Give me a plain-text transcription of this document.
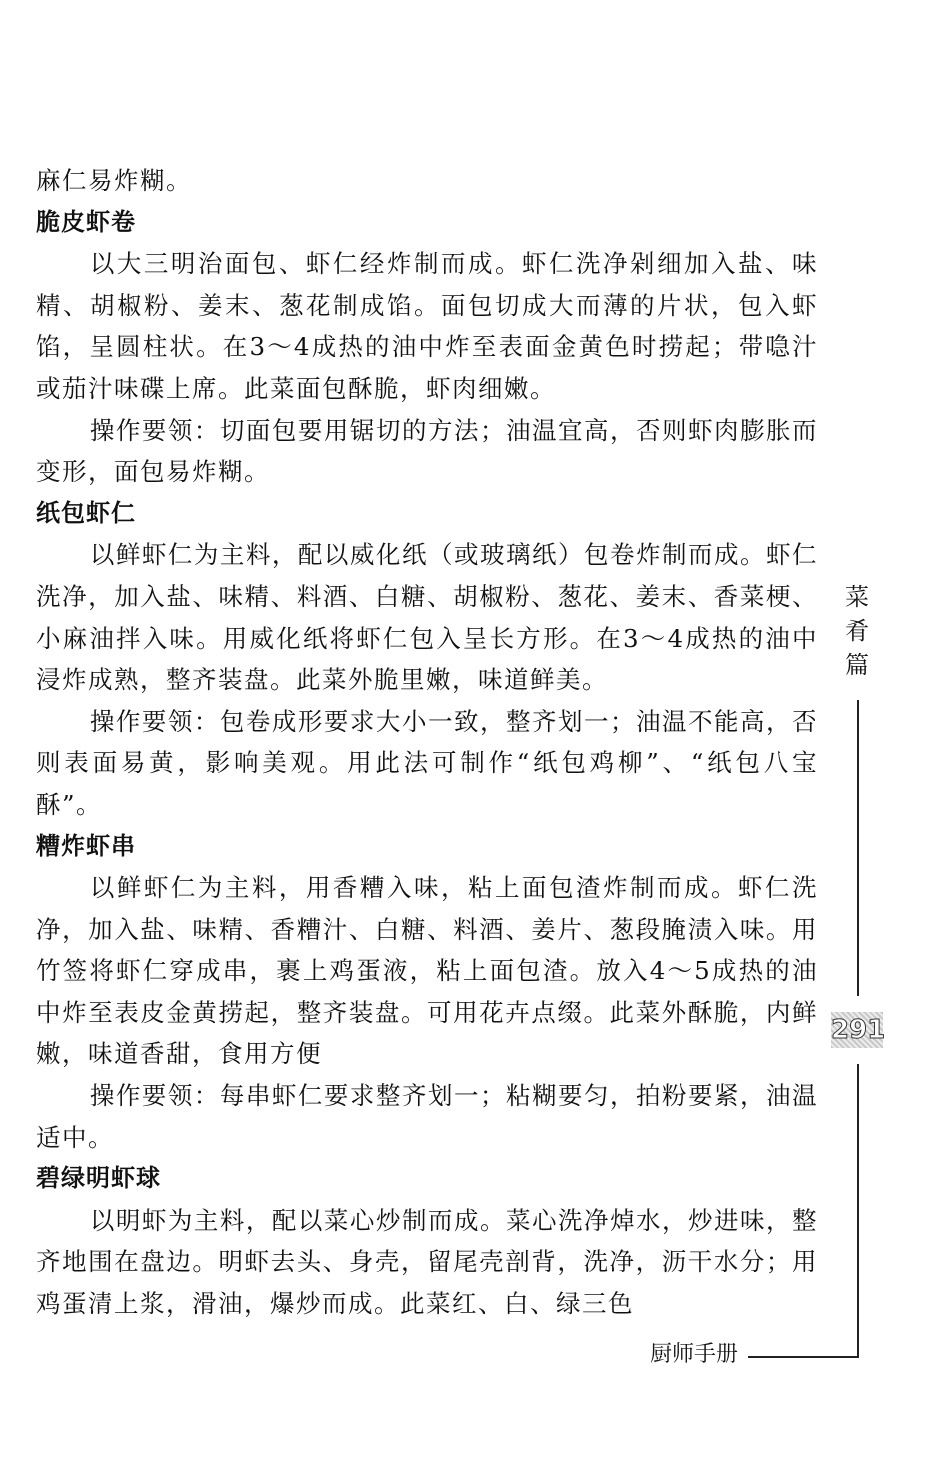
麻仁易炸糊。

脆皮虾卷

以大三明治面包、虾仁经炸制而成。虾仁洗净剁细加入盐、味精、胡椒粉、姜末、葱花制成馅。面包切成大而薄的片状，包入虾馅，呈圆柱状。在3～4成热的油中炸至表面金黄色时捞起；带喼汁或茄汁味碟上席。此菜面包酥脆，虾肉细嫩。

操作要领：切面包要用锯切的方法；油温宜高，否则虾肉膨胀而变形，面包易炸糊。

纸包虾仁

以鲜虾仁为主料，配以威化纸（或玻璃纸）包卷炸制而成。虾仁洗净，加入盐、味精、料酒、白糖、胡椒粉、葱花、姜末、香菜梗、小麻油拌入味。用威化纸将虾仁包入呈长方形。在3～4成热的油中浸炸成熟，整齐装盘。此菜外脆里嫩，味道鲜美。

操作要领：包卷成形要求大小一致，整齐划一；油温不能高，否则表面易黄，影响美观。用此法可制作“纸包鸡柳”、“纸包八宝酥”。

糟炸虾串

以鲜虾仁为主料，用香糟入味，粘上面包渣炸制而成。虾仁洗净，加入盐、味精、香糟汁、白糖、料酒、姜片、葱段腌渍入味。用竹签将虾仁穿成串，裹上鸡蛋液，粘上面包渣。放入4～5成热的油中炸至表皮金黄捞起，整齐装盘。可用花卉点缀。此菜外酥脆，内鲜嫩，味道香甜，食用方便

操作要领：每串虾仁要求整齐划一；粘糊要匀，拍粉要紧，油温适中。

碧绿明虾球

以明虾为主料，配以菜心炒制而成。菜心洗净焯水，炒进味，整齐地围在盘边。明虾去头、身壳，留尾壳剖背，洗净，沥干水分；用鸡蛋清上浆，滑油，爆炒而成。此菜红、白、绿三色

菜
肴
篇
291
厨师手册
